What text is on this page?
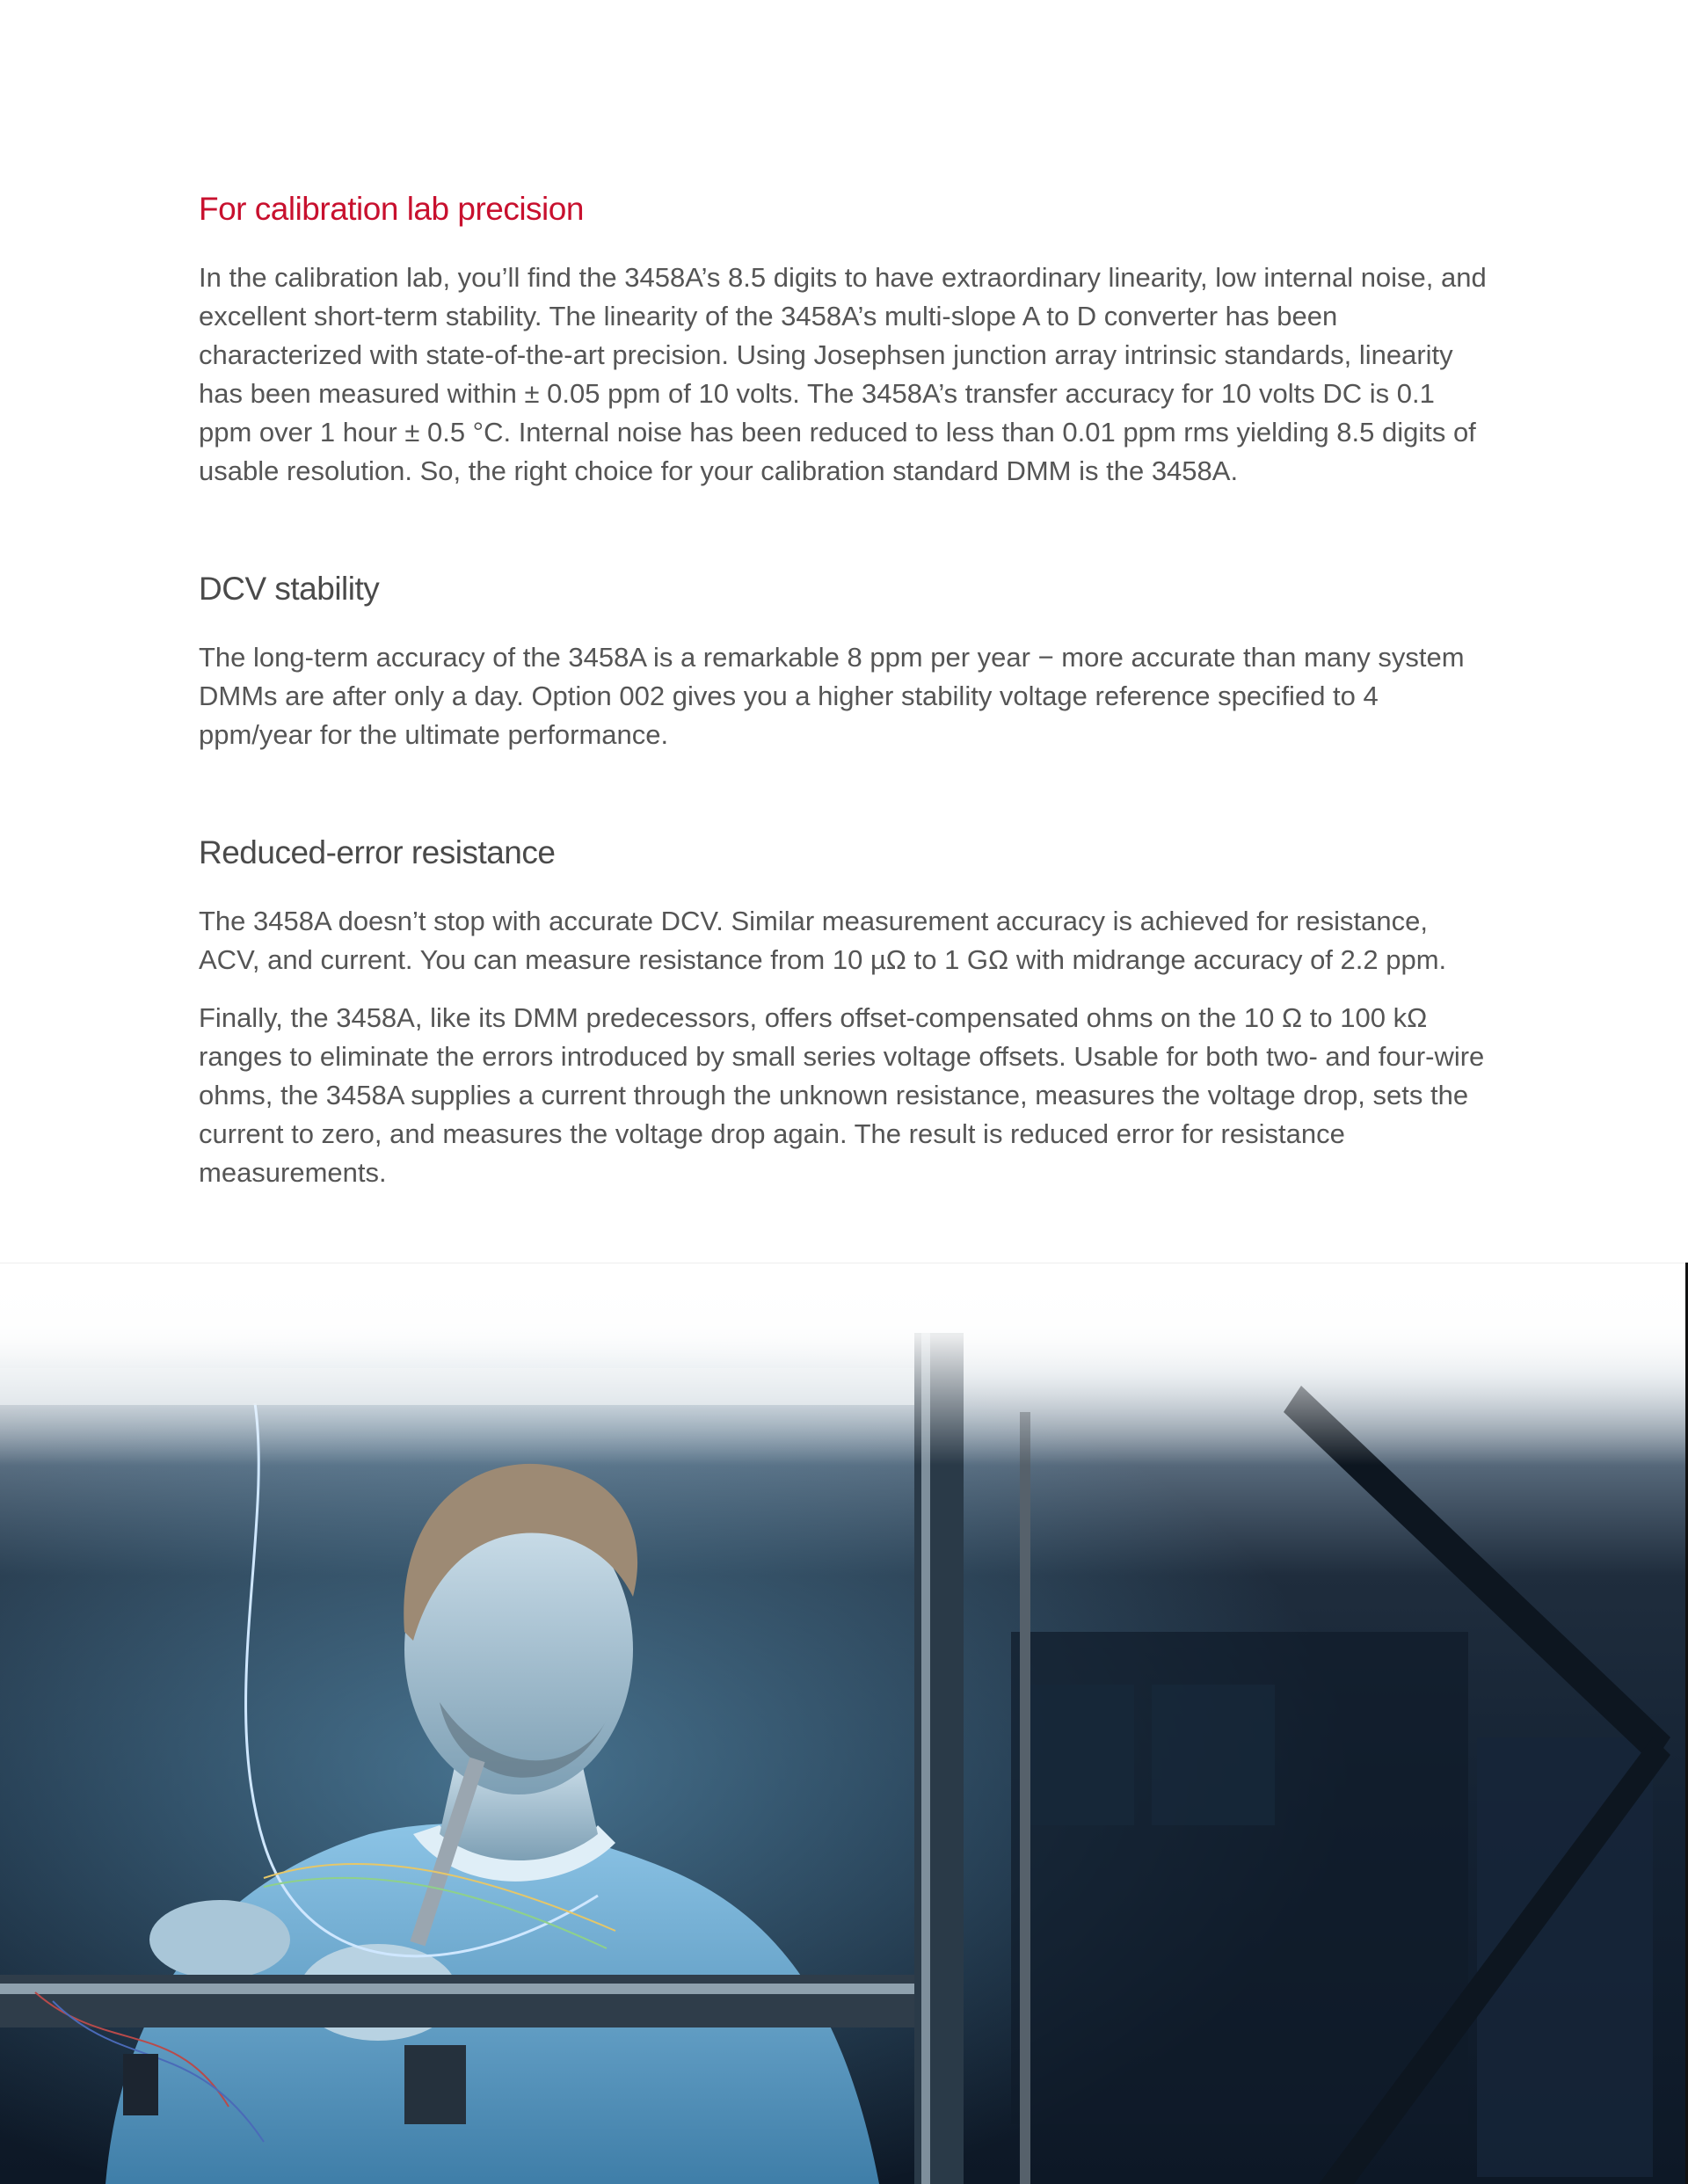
For calibration lab precision

In the calibration lab, you’ll find the 3458A’s 8.5 digits to have extraordinary linearity, low internal noise, and excellent short-term stability. The linearity of the 3458A’s multi-slope A to D converter has been characterized with state-of-the-art precision. Using Josephsen junction array intrinsic standards, linearity has been measured within ± 0.05 ppm of 10 volts. The 3458A’s transfer accuracy for 10 volts DC is 0.1 ppm over 1 hour ± 0.5 °C. Internal noise has been reduced to less than 0.01 ppm rms yielding 8.5 digits of usable resolution. So, the right choice for your calibration standard DMM is the 3458A.

DCV stability

The long-term accuracy of the 3458A is a remarkable 8 ppm per year − more accurate than many system DMMs are after only a day. Option 002 gives you a higher stability voltage reference specified to 4 ppm/year for the ultimate performance.

Reduced-error resistance

The 3458A doesn’t stop with accurate DCV. Similar measurement accuracy is achieved for resistance, ACV, and current. You can measure resistance from 10 µΩ to 1 GΩ with midrange accuracy of 2.2 ppm.

Finally, the 3458A, like its DMM predecessors, offers offset-compensated ohms on the 10 Ω to 100 kΩ ranges to eliminate the errors introduced by small series voltage offsets. Usable for both two- and four-wire ohms, the 3458A supplies a current through the unknown resistance, measures the voltage drop, sets the current to zero, and measures the voltage drop again. The result is reduced error for resistance measurements.
